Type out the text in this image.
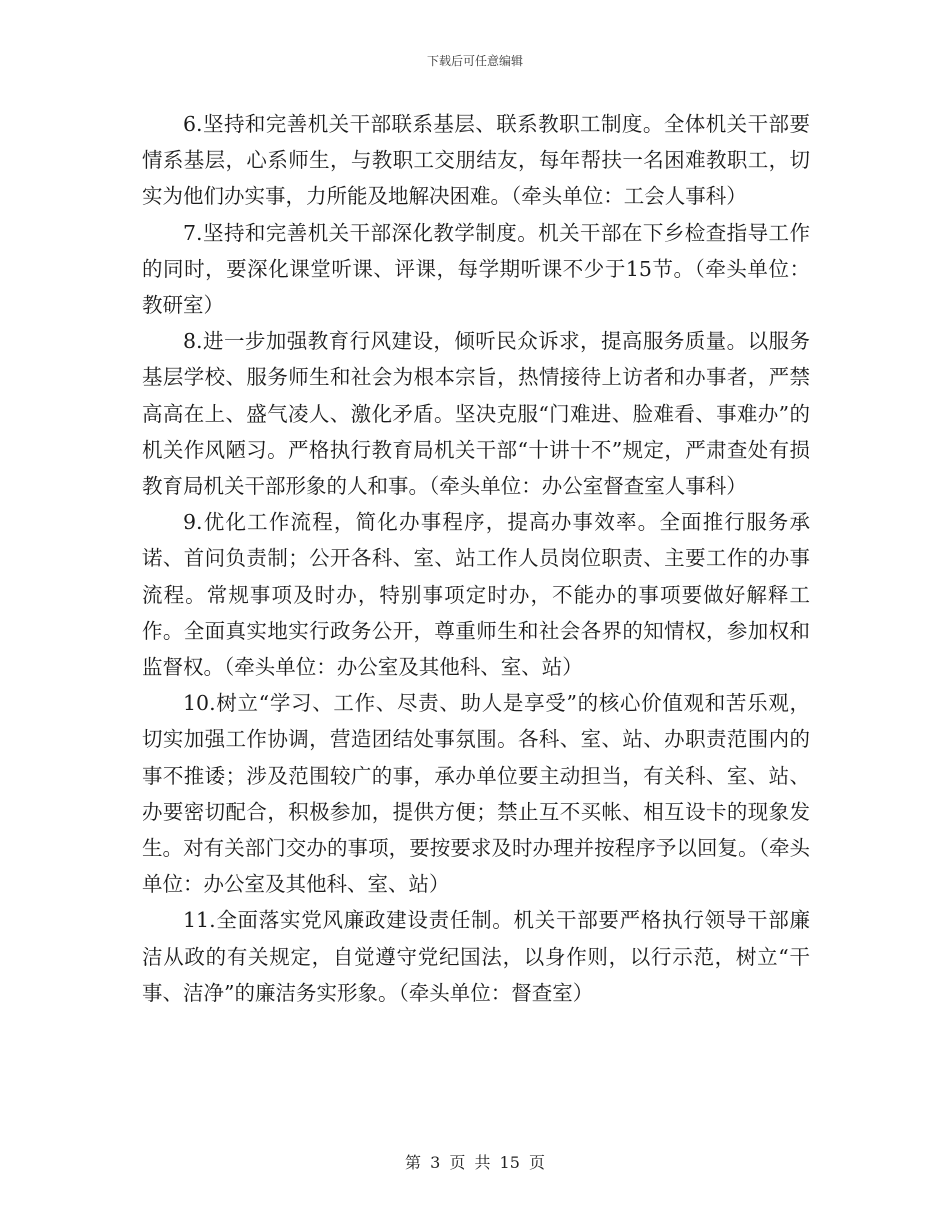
下载后可任意编辑

6.坚持和完善机关干部联系基层、联系教职工制度。全体机关干部要情系基层，心系师生，与教职工交朋结友，每年帮扶一名困难教职工，切实为他们办实事，力所能及地解决困难。（牵头单位：工会人事科）

7.坚持和完善机关干部深化教学制度。机关干部在下乡检查指导工作的同时，要深化课堂听课、评课，每学期听课不少于15节。（牵头单位：教研室）

8.进一步加强教育行风建设，倾听民众诉求，提高服务质量。以服务基层学校、服务师生和社会为根本宗旨，热情接待上访者和办事者，严禁高高在上、盛气凌人、激化矛盾。坚决克服“门难进、脸难看、事难办”的机关作风陋习。严格执行教育局机关干部“十讲十不”规定，严肃查处有损教育局机关干部形象的人和事。（牵头单位：办公室督查室人事科）

9.优化工作流程，简化办事程序，提高办事效率。全面推行服务承诺、首问负责制；公开各科、室、站工作人员岗位职责、主要工作的办事流程。常规事项及时办，特别事项定时办，不能办的事项要做好解释工作。全面真实地实行政务公开，尊重师生和社会各界的知情权，参加权和监督权。（牵头单位：办公室及其他科、室、站）

10.树立“学习、工作、尽责、助人是享受”的核心价值观和苦乐观，切实加强工作协调，营造团结处事氛围。各科、室、站、办职责范围内的事不推诿；涉及范围较广的事，承办单位要主动担当，有关科、室、站、办要密切配合，积极参加，提供方便；禁止互不买帐、相互设卡的现象发生。对有关部门交办的事项，要按要求及时办理并按程序予以回复。（牵头单位：办公室及其他科、室、站）

11.全面落实党风廉政建设责任制。机关干部要严格执行领导干部廉洁从政的有关规定，自觉遵守党纪国法，以身作则，以行示范，树立“干事、洁净”的廉洁务实形象。（牵头单位：督查室）

第 3 页 共 15 页
